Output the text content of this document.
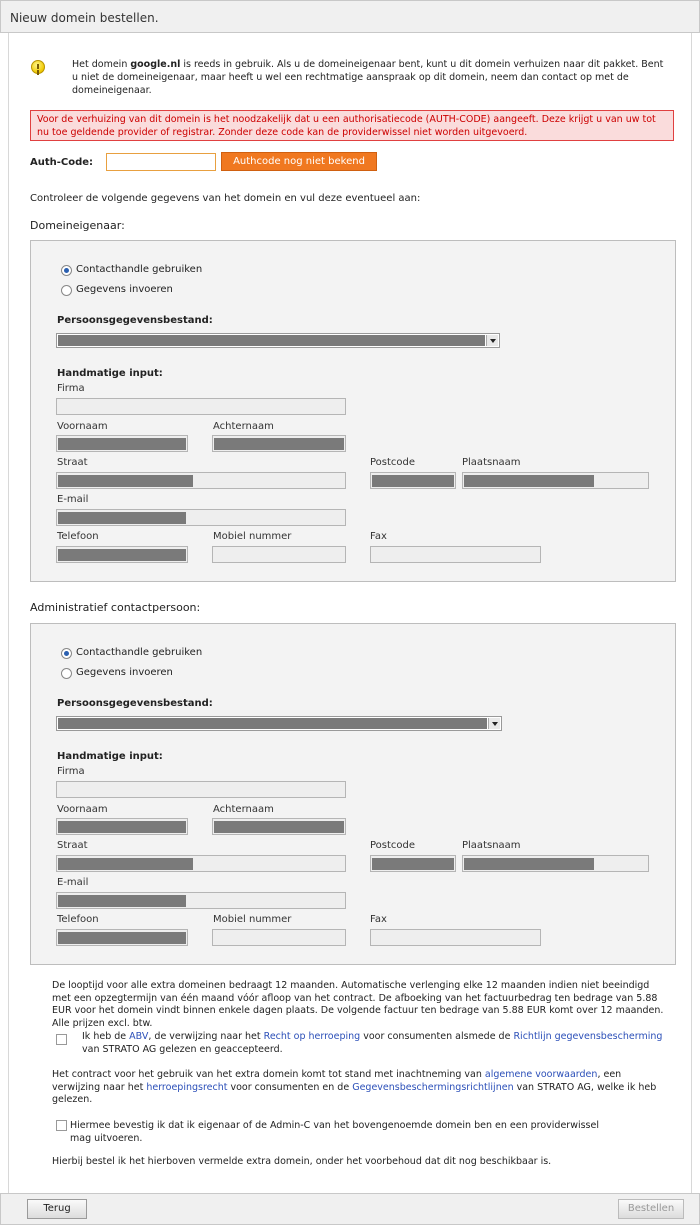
Nieuw domein bestellen.
Het domein google.nl is reeds in gebruik. Als u de domeineigenaar bent, kunt u dit domein verhuizen naar dit pakket. Bent u niet de domeineigenaar, maar heeft u wel een rechtmatige aanspraak op dit domein, neem dan contact op met de domeineigenaar.
Voor de verhuizing van dit domein is het noodzakelijk dat u een authorisatiecode (AUTH-CODE) aangeeft. Deze krijgt u van uw tot nu toe geldende provider of registrar. Zonder deze code kan de providerwissel niet worden uitgevoerd.
Auth-Code:	Authcode nog niet bekend
Controleer de volgende gegevens van het domein en vul deze eventueel aan:
Domeineigenaar:
Contacthandle gebruiken
Gegevens invoeren
Persoonsgegevensbestand:
Handmatige input:
Firma
Voornaam	Achternaam
Straat	Postcode	Plaatsnaam
E-mail
Telefoon	Mobiel nummer	Fax
Administratief contactpersoon:
Contacthandle gebruiken
Gegevens invoeren
Persoonsgegevensbestand:
Handmatige input:
Firma
Voornaam	Achternaam
Straat	Postcode	Plaatsnaam
E-mail
Telefoon	Mobiel nummer	Fax
De looptijd voor alle extra domeinen bedraagt 12 maanden. Automatische verlenging elke 12 maanden indien niet beeindigd met een opzegtermijn van één maand vóór afloop van het contract. De afboeking van het factuurbedrag ten bedrage van 5.88 EUR voor het domein vindt binnen enkele dagen plaats. De volgende factuur ten bedrage van 5.88 EUR komt over 12 maanden. Alle prijzen excl. btw.
Ik heb de ABV, de verwijzing naar het Recht op herroeping voor consumenten alsmede de Richtlijn gegevensbescherming
van STRATO AG gelezen en geaccepteerd.
Het contract voor het gebruik van het extra domein komt tot stand met inachtneming van algemene voorwaarden, een verwijzing naar het herroepingsrecht voor consumenten en de Gegevensbeschermingsrichtlijnen van STRATO AG, welke ik heb gelezen.
Hiermee bevestig ik dat ik eigenaar of de Admin-C van het bovengenoemde domein ben en een providerwissel mag uitvoeren.
Hierbij bestel ik het hierboven vermelde extra domein, onder het voorbehoud dat dit nog beschikbaar is.
Terug	Bestellen
